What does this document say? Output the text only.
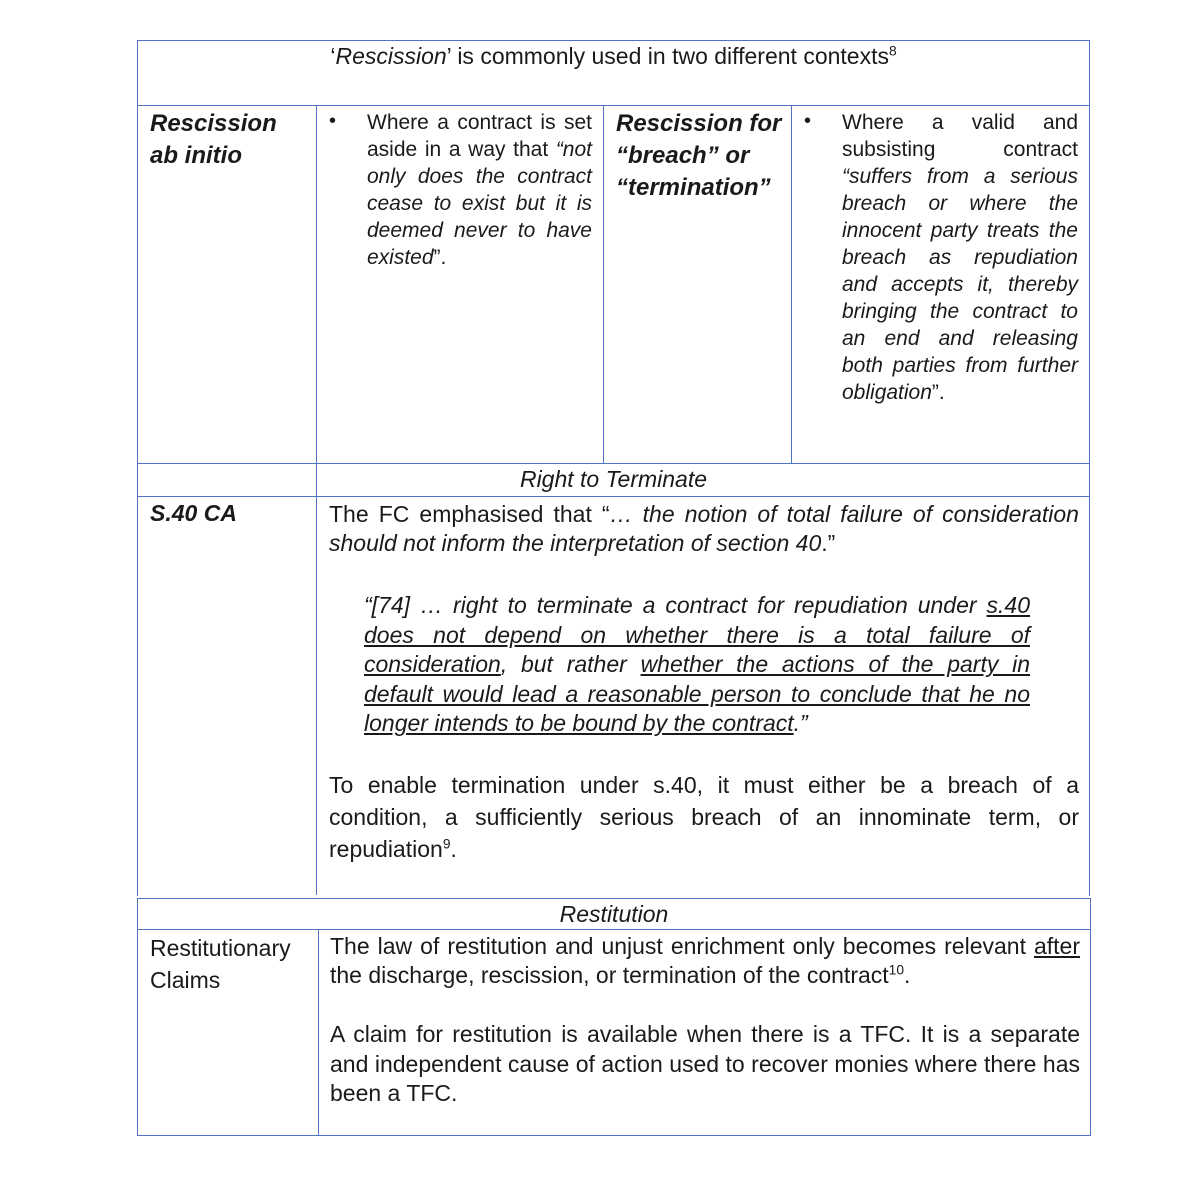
‘Rescission’ is commonly used in two different contexts$^8$
Rescission ab initio
• Where a contract is set aside in a way that “not only does the contract cease to exist but it is deemed never to have existed”.
Rescission for “breach” or “termination”
• Where a valid and subsisting contract “suffers from a serious breach or where the innocent party treats the breach as repudiation and accepts it, thereby bringing the contract to an end and releasing both parties from further obligation”.
Right to Terminate
S.40 CA	The FC emphasised that “… the notion of total failure of consideration should not inform the interpretation of section 40.”
“[74] … right to terminate a contract for repudiation under s.40 does not depend on whether there is a total failure of consideration, but rather whether the actions of the party in default would lead a reasonable person to conclude that he no longer intends to be bound by the contract.”
To enable termination under s.40, it must either be a breach of a condition, a sufficiently serious breach of an innominate term, or repudiation$^9$.
Restitution
Restitutionary Claims
The law of restitution and unjust enrichment only becomes relevant after the discharge, rescission, or termination of the contract$^{10}$.
A claim for restitution is available when there is a TFC. It is a separate and independent cause of action used to recover monies where there has been a TFC.
